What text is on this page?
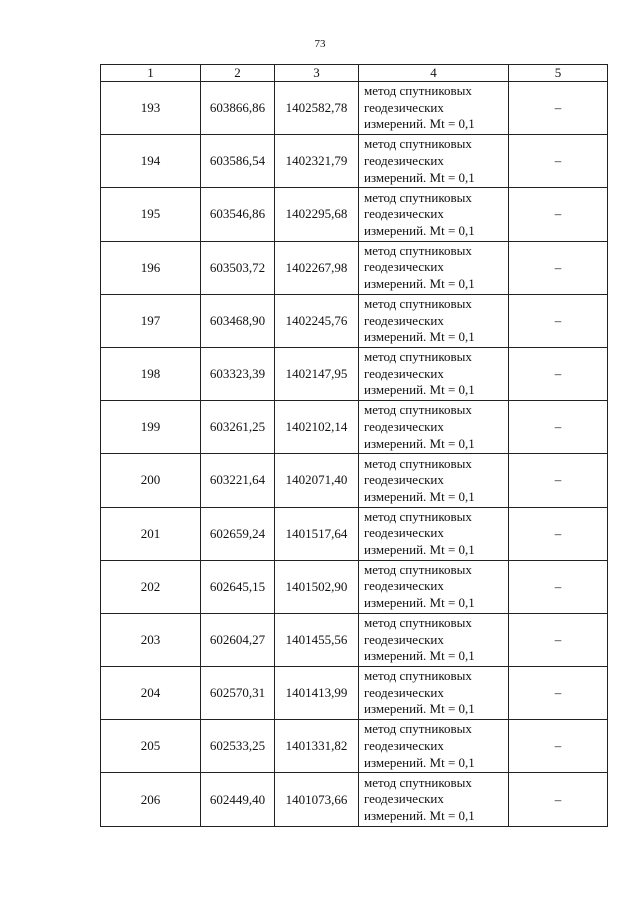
73
1	2	3	4	5
193	603866,86	1402582,78	метод спутниковых геодезических измерений. Mt = 0,1	–
194	603586,54	1402321,79	метод спутниковых геодезических измерений. Mt = 0,1	–
195	603546,86	1402295,68	метод спутниковых геодезических измерений. Mt = 0,1	–
196	603503,72	1402267,98	метод спутниковых геодезических измерений. Mt = 0,1	–
197	603468,90	1402245,76	метод спутниковых геодезических измерений. Mt = 0,1	–
198	603323,39	1402147,95	метод спутниковых геодезических измерений. Mt = 0,1	–
199	603261,25	1402102,14	метод спутниковых геодезических измерений. Mt = 0,1	–
200	603221,64	1402071,40	метод спутниковых геодезических измерений. Mt = 0,1	–
201	602659,24	1401517,64	метод спутниковых геодезических измерений. Mt = 0,1	–
202	602645,15	1401502,90	метод спутниковых геодезических измерений. Mt = 0,1	–
203	602604,27	1401455,56	метод спутниковых геодезических измерений. Mt = 0,1	–
204	602570,31	1401413,99	метод спутниковых геодезических измерений. Mt = 0,1	–
205	602533,25	1401331,82	метод спутниковых геодезических измерений. Mt = 0,1	–
206	602449,40	1401073,66	метод спутниковых геодезических измерений. Mt = 0,1	–
